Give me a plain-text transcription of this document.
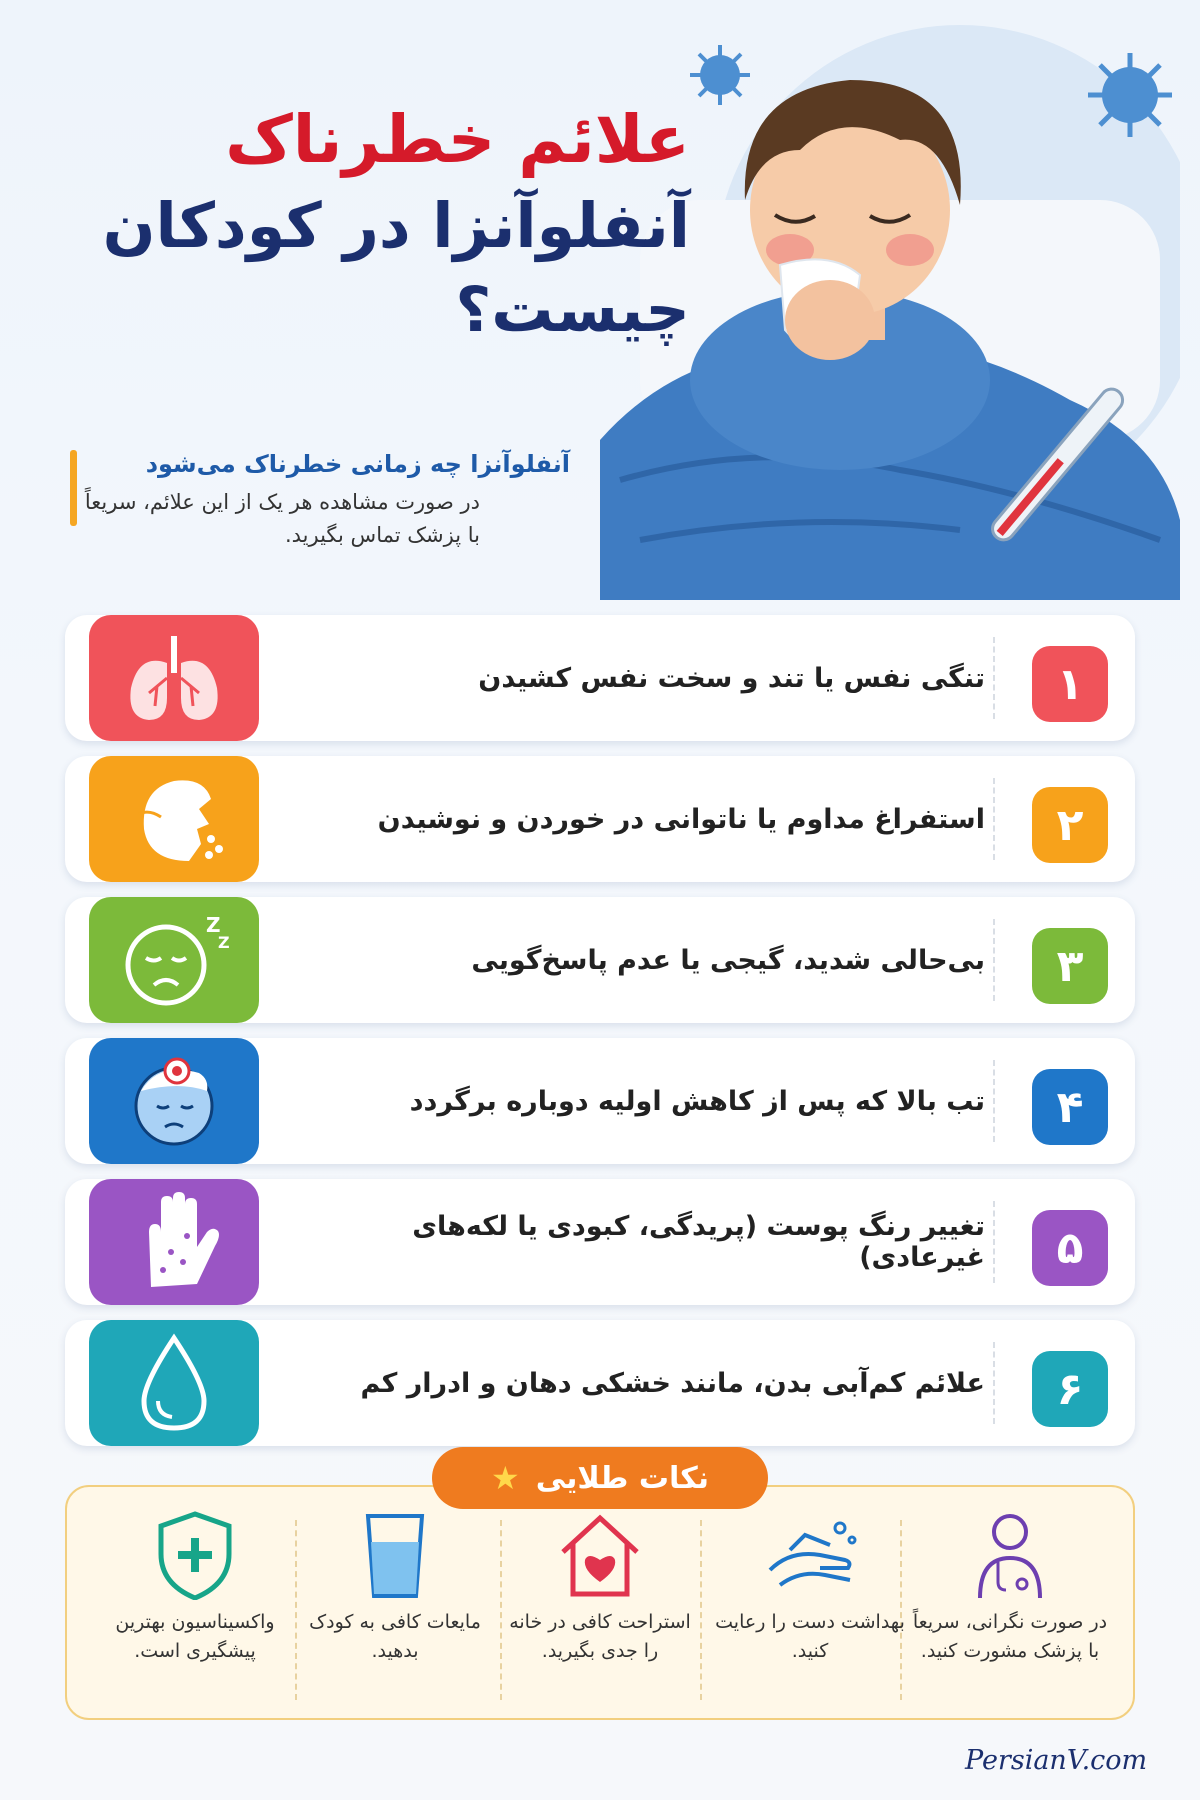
علائم خطرناک
آنفلوآنزا در کودکان
چیست؟
آنفلوآنزا چه زمانی خطرناک می‌شود
در صورت مشاهده هر یک از این علائم، سریعاً با پزشک تماس بگیرید.
تنگی نفس یا تند و سخت نفس کشیدن	۱
استفراغ مداوم یا ناتوانی در خوردن و نوشیدن	۲
Z
Z
بی‌حالی شدید، گیجی یا عدم پاسخ‌گویی	۳
تب بالا که پس از کاهش اولیه دوباره برگردد	۴
تغییر رنگ پوست (پریدگی، کبودی یا لکه‌های غیرعادی)	۵
علائم کم‌آبی بدن، مانند خشکی دهان و ادرار کم	۶
نکات طلایی
★
در صورت نگرانی، سریعاً با پزشک مشورت کنید.
بهداشت دست را رعایت کنید.
استراحت کافی در خانه را جدی بگیرید.
مایعات کافی به کودک بدهید.
واکسیناسیون بهترین پیشگیری است.
PersianV.com
